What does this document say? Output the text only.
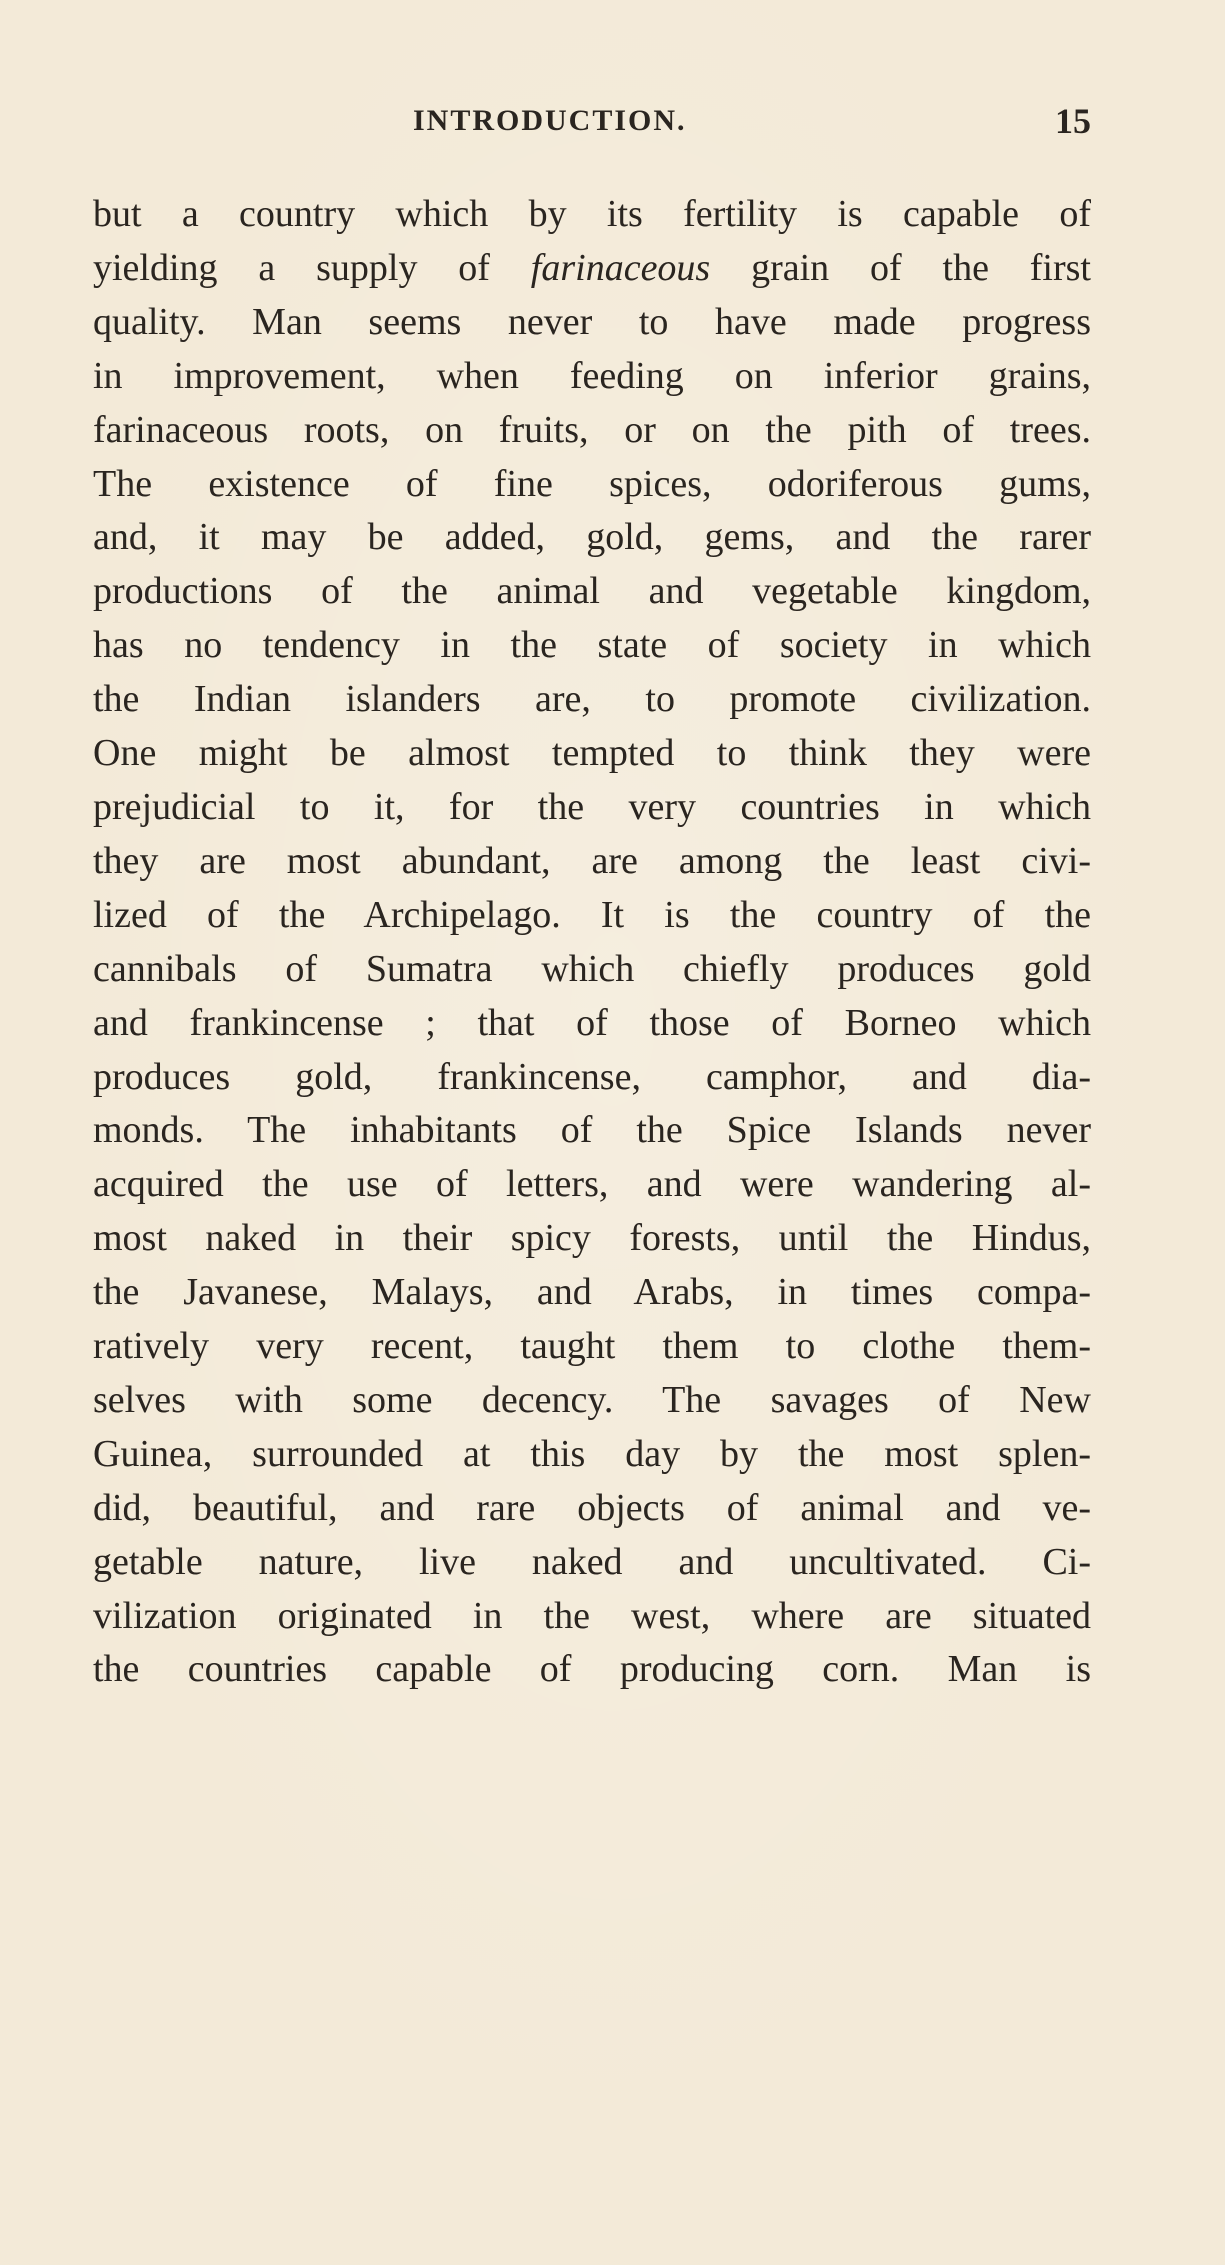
INTRODUCTION.	15
but a country which by its fertility is capable of
yielding a supply of farinaceous grain of the first
quality. Man seems never to have made progress
in improvement, when feeding on inferior grains,
farinaceous roots, on fruits, or on the pith of trees.
The existence of fine spices, odoriferous gums,
and, it may be added, gold, gems, and the rarer
productions of the animal and vegetable kingdom,
has no tendency in the state of society in which
the Indian islanders are, to promote civilization.
One might be almost tempted to think they were
prejudicial to it, for the very countries in which
they are most abundant, are among the least civi-
lized of the Archipelago. It is the country of the
cannibals of Sumatra which chiefly produces gold
and frankincense ; that of those of Borneo which
produces gold, frankincense, camphor, and dia-
monds. The inhabitants of the Spice Islands never
acquired the use of letters, and were wandering al-
most naked in their spicy forests, until the Hindus,
the Javanese, Malays, and Arabs, in times compa-
ratively very recent, taught them to clothe them-
selves with some decency. The savages of New
Guinea, surrounded at this day by the most splen-
did, beautiful, and rare objects of animal and ve-
getable nature, live naked and uncultivated. Ci-
vilization originated in the west, where are situated
the countries capable of producing corn. Man is
